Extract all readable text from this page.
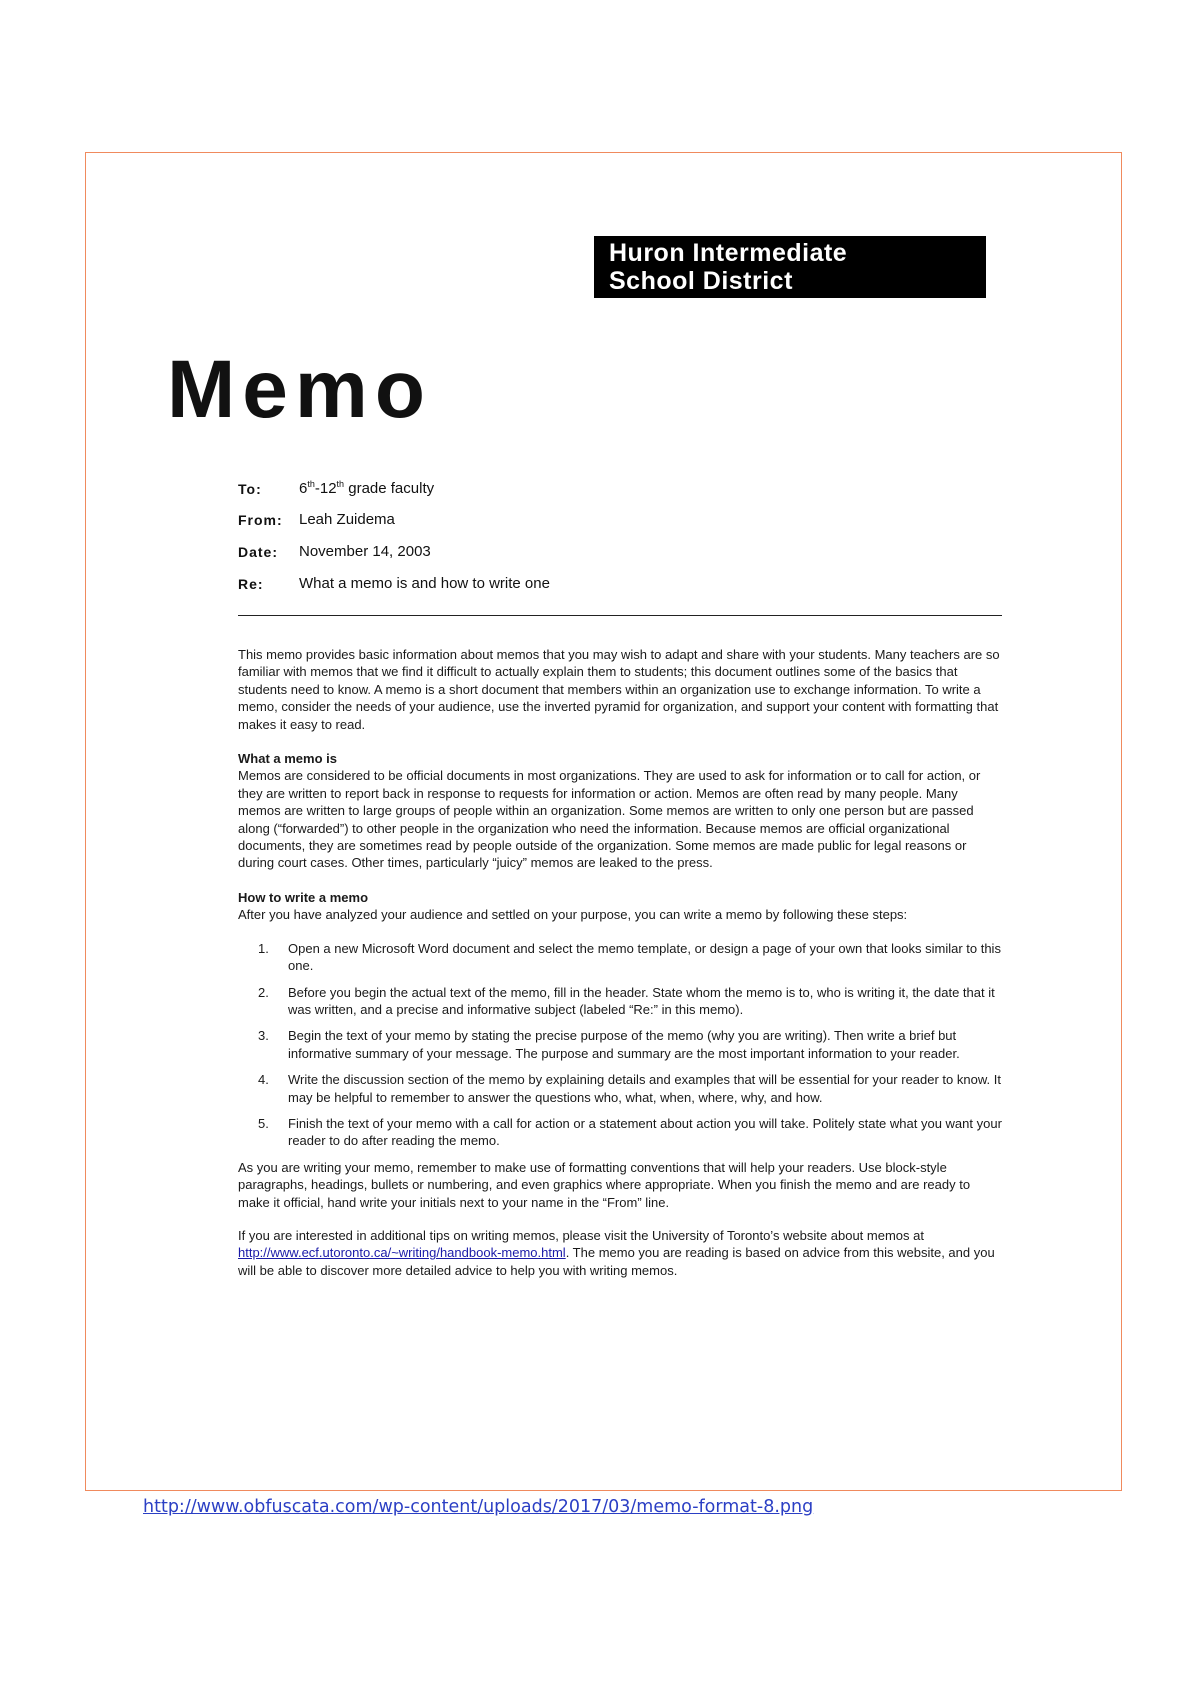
Huron Intermediate
School District
Memo
To: 6th-12th grade faculty
From: Leah Zuidema
Date: November 14, 2003
Re: What a memo is and how to write one

This memo provides basic information about memos that you may wish to adapt and share with your students. Many teachers are so familiar with memos that we find it difficult to actually explain them to students; this document outlines some of the basics that students need to know. A memo is a short document that members within an organization use to exchange information. To write a memo, consider the needs of your audience, use the inverted pyramid for organization, and support your content with formatting that makes it easy to read.

What a memo is

Memos are considered to be official documents in most organizations. They are used to ask for information or to call for action, or they are written to report back in response to requests for information or action. Memos are often read by many people. Many memos are written to large groups of people within an organization. Some memos are written to only one person but are passed along (“forwarded”) to other people in the organization who need the information. Because memos are official organizational documents, they are sometimes read by people outside of the organization. Some memos are made public for legal reasons or during court cases. Other times, particularly “juicy” memos are leaked to the press.

How to write a memo

After you have analyzed your audience and settled on your purpose, you can write a memo by following these steps:

1. Open a new Microsoft Word document and select the memo template, or design a page of your own that looks similar to this one.
2. Before you begin the actual text of the memo, fill in the header. State whom the memo is to, who is writing it, the date that it was written, and a precise and informative subject (labeled “Re:” in this memo).
3. Begin the text of your memo by stating the precise purpose of the memo (why you are writing). Then write a brief but informative summary of your message. The purpose and summary are the most important information to your reader.
4. Write the discussion section of the memo by explaining details and examples that will be essential for your reader to know. It may be helpful to remember to answer the questions who, what, when, where, why, and how.
5. Finish the text of your memo with a call for action or a statement about action you will take. Politely state what you want your reader to do after reading the memo.

As you are writing your memo, remember to make use of formatting conventions that will help your readers. Use block-style paragraphs, headings, bullets or numbering, and even graphics where appropriate. When you finish the memo and are ready to make it official, hand write your initials next to your name in the “From” line.

If you are interested in additional tips on writing memos, please visit the University of Toronto’s website about memos at http://www.ecf.utoronto.ca/~writing/handbook-memo.html. The memo you are reading is based on advice from this website, and you will be able to discover more detailed advice to help you with writing memos.

http://www.obfuscata.com/wp-content/uploads/2017/03/memo-format-8.png
